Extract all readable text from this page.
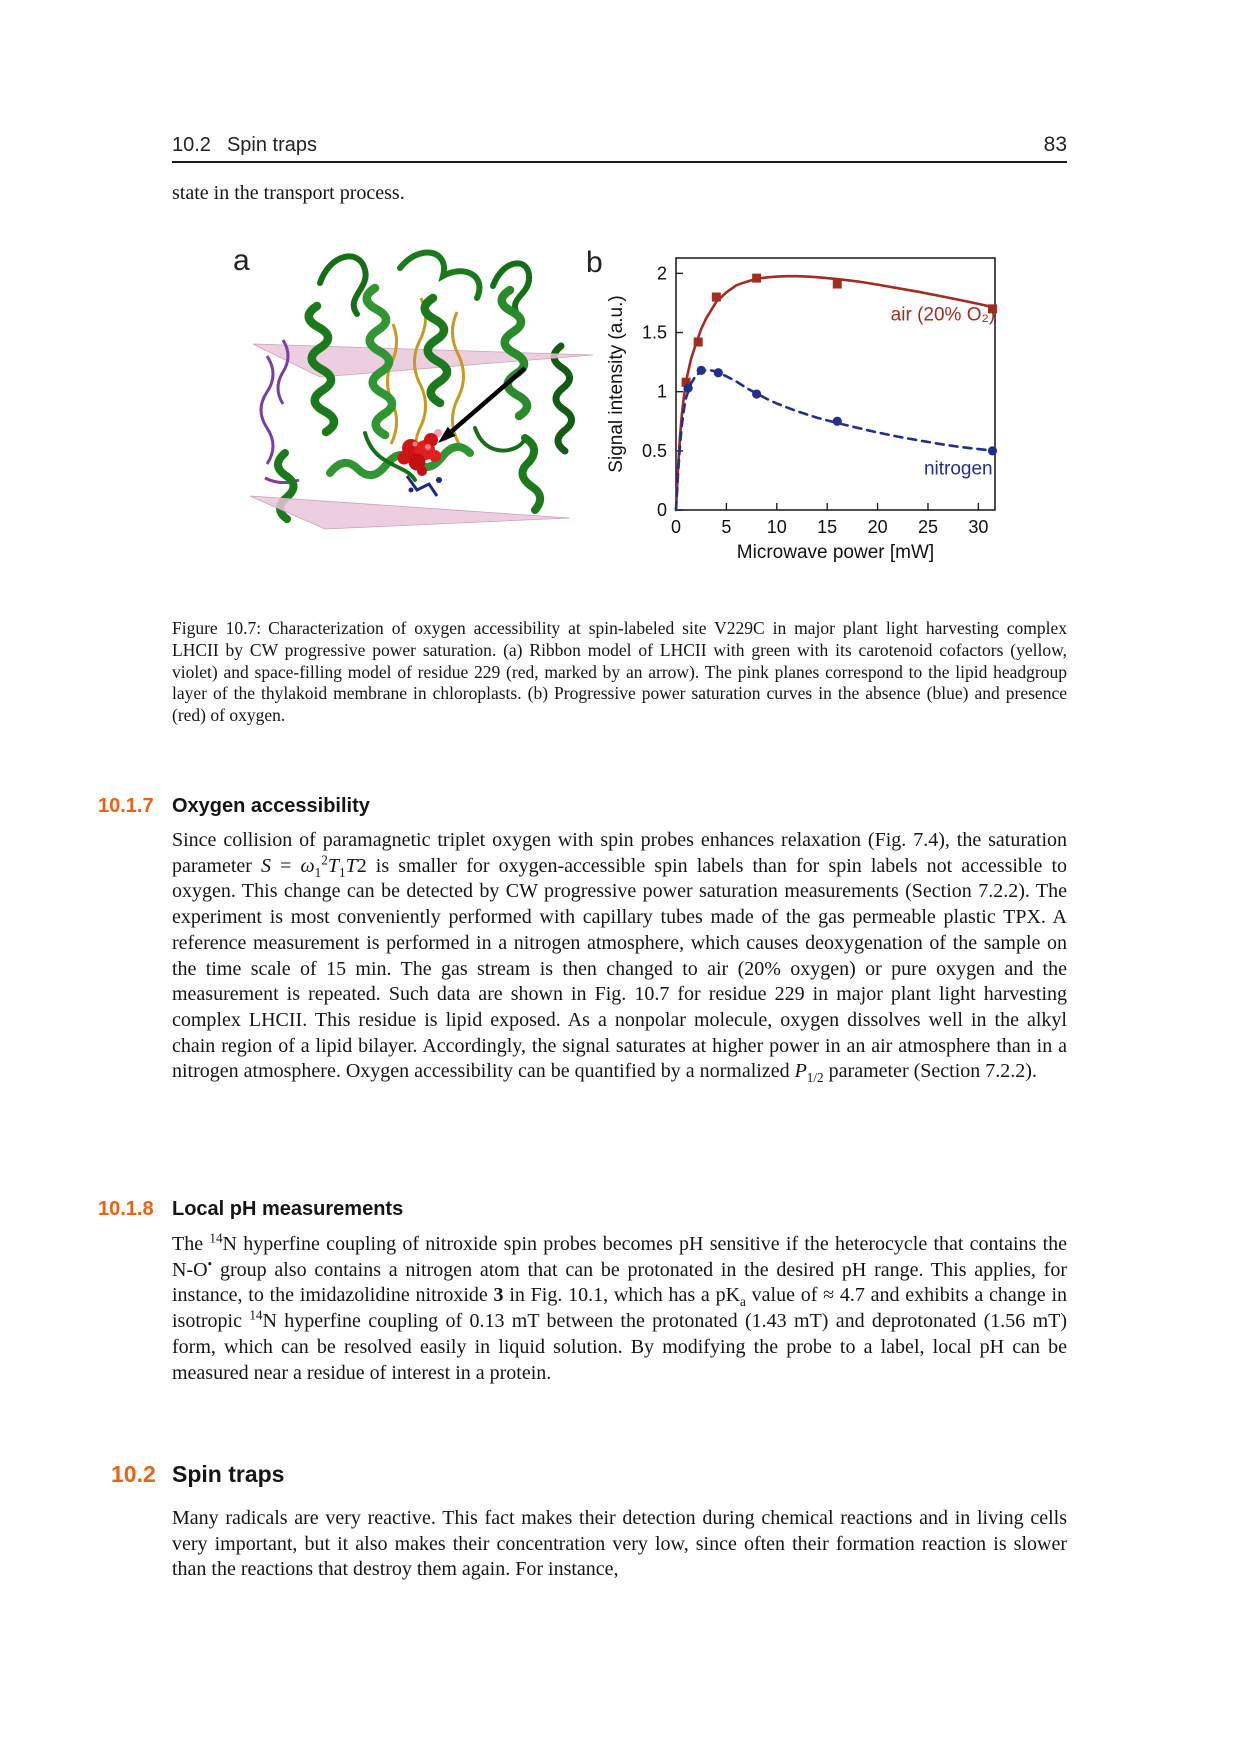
10.2 Spin traps	83
state in the transport process.
a	b
0 5 10 15 20 25 30
0
0.5
1
1.5
2
air (20% O₂)
nitrogen
Microwave power [mW]
Signal intensity (a.u.)
Figure 10.7: Characterization of oxygen accessibility at spin-labeled site V229C in major plant light harvesting complex LHCII by CW progressive power saturation. (a) Ribbon model of LHCII with green with its carotenoid cofactors (yellow, violet) and space-filling model of residue 229 (red, marked by an arrow). The pink planes correspond to the lipid headgroup layer of the thylakoid membrane in chloroplasts. (b) Progressive power saturation curves in the absence (blue) and presence (red) of oxygen.
10.1.7 Oxygen accessibility
Since collision of paramagnetic triplet oxygen with spin probes enhances relaxation (Fig. 7.4), the saturation parameter $S = \omega_1^2T_1T2$ is smaller for oxygen-accessible spin labels than for spin labels not accessible to oxygen. This change can be detected by CW progressive power saturation measurements (Section 7.2.2). The experiment is most conveniently performed with capillary tubes made of the gas permeable plastic TPX. A reference measurement is performed in a nitrogen atmosphere, which causes deoxygenation of the sample on the time scale of 15 min. The gas stream is then changed to air (20% oxygen) or pure oxygen and the measurement is repeated. Such data are shown in Fig. 10.7 for residue 229 in major plant light harvesting complex LHCII. This residue is lipid exposed. As a nonpolar molecule, oxygen dissolves well in the alkyl chain region of a lipid bilayer. Accordingly, the signal saturates at higher power in an air atmosphere than in a nitrogen atmosphere. Oxygen accessibility can be quantified by a normalized $P_{1/2}$ parameter (Section 7.2.2).
10.1.8 Local pH measurements
The $^{14}$N hyperfine coupling of nitroxide spin probes becomes pH sensitive if the heterocycle that contains the N-O• group also contains a nitrogen atom that can be protonated in the desired pH range. This applies, for instance, to the imidazolidine nitroxide 3 in Fig. 10.1, which has a $pK_a$ value of ≈ 4.7 and exhibits a change in isotropic $^{14}$N hyperfine coupling of 0.13 mT between the protonated (1.43 mT) and deprotonated (1.56 mT) form, which can be resolved easily in liquid solution. By modifying the probe to a label, local pH can be measured near a residue of interest in a protein.
10.2 Spin traps
Many radicals are very reactive. This fact makes their detection during chemical reactions and in living cells very important, but it also makes their concentration very low, since often their formation reaction is slower than the reactions that destroy them again. For instance,
